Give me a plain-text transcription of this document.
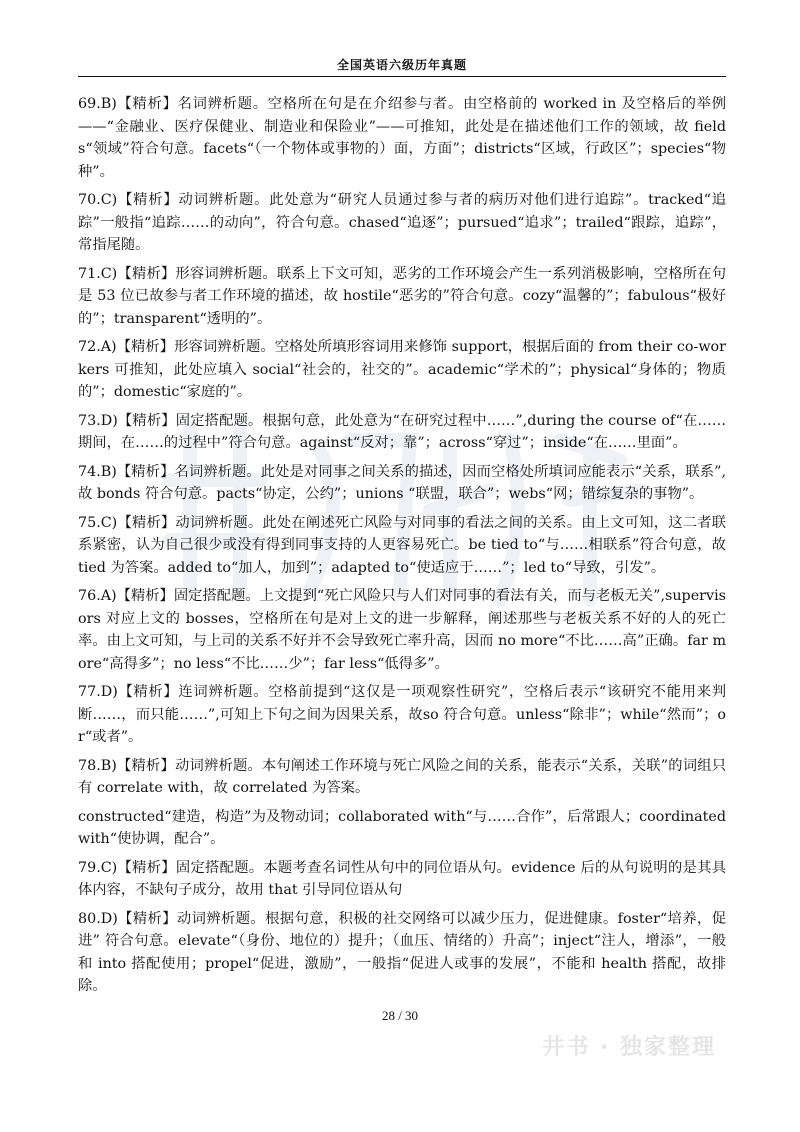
全国英语六级历年真题

69.B)【精析】名词辨析题。空格所在句是在介绍参与者。由空格前的 worked in 及空格后的举例——“金融业、医疗保健业、制造业和保险业”——可推知，此处是在描述他们工作的领域，故 fields“领域”符合句意。facets“（一个物体或事物的）面，方面”；districts“区域，行政区”；species“物种”。

70.C)【精析】动词辨析题。此处意为“研究人员通过参与者的病历对他们进行追踪”。tracked“追踪”一般指“追踪……的动向”，符合句意。chased“追逐”；pursued“追求”；trailed“跟踪，追踪”，常指尾随。

71.C)【精析】形容词辨析题。联系上下文可知，恶劣的工作环境会产生一系列消极影响，空格所在句是 53 位已故参与者工作环境的描述，故 hostile“恶劣的”符合句意。cozy“温馨的”；fabulous“极好的”；transparent“透明的”。

72.A)【精析】形容词辨析题。空格处所填形容词用来修饰 support，根据后面的 from their co-workers 可推知，此处应填入 social“社会的，社交的”。academic“学术的”；physical“身体的；物质的”；domestic“家庭的”。

73.D)【精析】固定搭配题。根据句意，此处意为“在研究过程中……”,during the course of“在……期间，在……的过程中”符合句意。against“反对；靠”；across“穿过”；inside“在……里面”。

74.B)【精析】名词辨析题。此处是对同事之间关系的描述，因而空格处所填词应能表示“关系，联系”,故 bonds 符合句意。pacts“协定，公约”；unions “联盟，联合”；webs“网；错综复杂的事物”。

75.C)【精析】动词辨析题。此处在阐述死亡风险与对同事的看法之间的关系。由上文可知，这二者联系紧密，认为自己很少或没有得到同事支持的人更容易死亡。be tied to“与……相联系”符合句意，故 tied 为答案。added to“加人，加到”；adapted to“使适应于……”；led to“导致，引发”。

76.A)【精析】固定搭配题。上文提到“死亡风险只与人们对同事的看法有关，而与老板无关”,supervisors 对应上文的 bosses，空格所在句是对上文的进一步解释，阐述那些与老板关系不好的人的死亡率。由上文可知，与上司的关系不好并不会导致死亡率升高，因而 no more“不比……高”正确。far more“高得多”；no less“不比……少”；far less“低得多”。

77.D)【精析】连词辨析题。空格前提到“这仅是一项观察性研究”，空格后表示“该研究不能用来判断……，而只能……”,可知上下句之间为因果关系，故so 符合句意。unless“除非”；while“然而”；or“或者”。

78.B)【精析】动词辨析题。本句阐述工作环境与死亡风险之间的关系，能表示“关系，关联”的词组只有 correlate with，故 correlated 为答案。

constructed“建造，构造”为及物动词；collaborated with“与……合作”，后常跟人；coordinated with“使协调，配合”。

79.C)【精析】固定搭配题。本题考查名词性从句中的同位语从句。evidence 后的从句说明的是其具体内容，不缺句子成分，故用 that 引导同位语从句

80.D)【精析】动词辨析题。根据句意，积极的社交网络可以减少压力，促进健康。foster“培养，促进” 符合句意。elevate“（身份、地位的）提升；（血压、情绪的）升高”；inject“注人，增添”，一般和 into 搭配使用；propel“促进，激励”，一般指“促进人或事的发展”，不能和 health 搭配，故排除。

28 / 30
井书 · 独家整理
